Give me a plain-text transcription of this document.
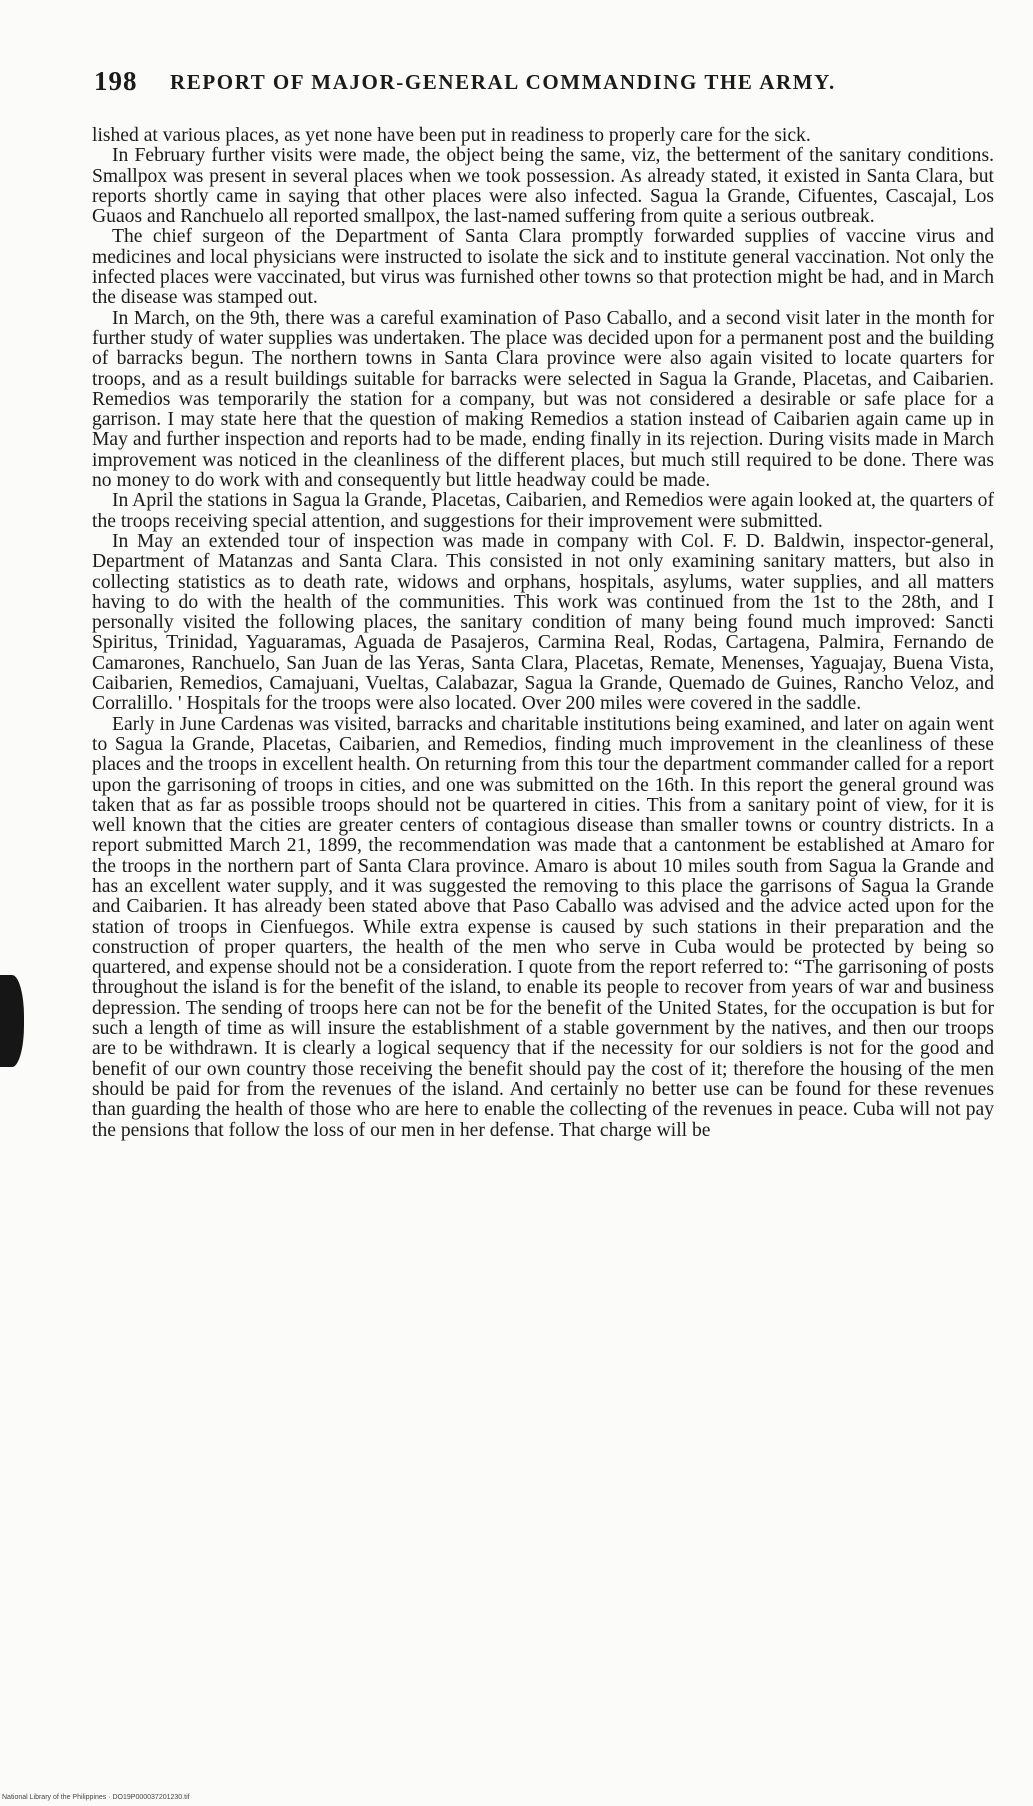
198 REPORT OF MAJOR-GENERAL COMMANDING THE ARMY.

lished at various places, as yet none have been put in readiness to properly care for the sick.

In February further visits were made, the object being the same, viz, the betterment of the sanitary conditions. Smallpox was present in several places when we took possession. As already stated, it existed in Santa Clara, but reports shortly came in saying that other places were also infected. Sagua la Grande, Cifuentes, Cascajal, Los Guaos and Ranchuelo all reported smallpox, the last-named suffering from quite a serious outbreak.

The chief surgeon of the Department of Santa Clara promptly forwarded supplies of vaccine virus and medicines and local physicians were instructed to isolate the sick and to institute general vaccination. Not only the infected places were vaccinated, but virus was furnished other towns so that protection might be had, and in March the disease was stamped out.

In March, on the 9th, there was a careful examination of Paso Caballo, and a second visit later in the month for further study of water supplies was undertaken. The place was decided upon for a permanent post and the building of barracks begun. The northern towns in Santa Clara province were also again visited to locate quarters for troops, and as a result buildings suitable for barracks were selected in Sagua la Grande, Placetas, and Caibarien. Remedios was temporarily the station for a company, but was not considered a desirable or safe place for a garrison. I may state here that the question of making Remedios a station instead of Caibarien again came up in May and further inspection and reports had to be made, ending finally in its rejection. During visits made in March improvement was noticed in the cleanliness of the different places, but much still required to be done. There was no money to do work with and consequently but little headway could be made.

In April the stations in Sagua la Grande, Placetas, Caibarien, and Remedios were again looked at, the quarters of the troops receiving special attention, and suggestions for their improvement were submitted.

In May an extended tour of inspection was made in company with Col. F. D. Baldwin, inspector-general, Department of Matanzas and Santa Clara. This consisted in not only examining sanitary matters, but also in collecting statistics as to death rate, widows and orphans, hospitals, asylums, water supplies, and all matters having to do with the health of the communities. This work was continued from the 1st to the 28th, and I personally visited the following places, the sanitary condition of many being found much improved: Sancti Spiritus, Trinidad, Yaguaramas, Aguada de Pasajeros, Carmina Real, Rodas, Cartagena, Palmira, Fernando de Camarones, Ranchuelo, San Juan de las Yeras, Santa Clara, Placetas, Remate, Menenses, Yaguajay, Buena Vista, Caibarien, Remedios, Camajuani, Vueltas, Calabazar, Sagua la Grande, Quemado de Guines, Rancho Veloz, and Corralillo. ' Hospitals for the troops were also located. Over 200 miles were covered in the saddle.

Early in June Cardenas was visited, barracks and charitable institutions being examined, and later on again went to Sagua la Grande, Placetas, Caibarien, and Remedios, finding much improvement in the cleanliness of these places and the troops in excellent health. On returning from this tour the department commander called for a report upon the garrisoning of troops in cities, and one was submitted on the 16th. In this report the general ground was taken that as far as possible troops should not be quartered in cities. This from a sanitary point of view, for it is well known that the cities are greater centers of contagious disease than smaller towns or country districts. In a report submitted March 21, 1899, the recommendation was made that a cantonment be established at Amaro for the troops in the northern part of Santa Clara province. Amaro is about 10 miles south from Sagua la Grande and has an excellent water supply, and it was suggested the removing to this place the garrisons of Sagua la Grande and Caibarien. It has already been stated above that Paso Caballo was advised and the advice acted upon for the station of troops in Cienfuegos. While extra expense is caused by such stations in their preparation and the construction of proper quarters, the health of the men who serve in Cuba would be protected by being so quartered, and expense should not be a consideration. I quote from the report referred to: “The garrisoning of posts throughout the island is for the benefit of the island, to enable its people to recover from years of war and business depression. The sending of troops here can not be for the benefit of the United States, for the occupation is but for such a length of time as will insure the establishment of a stable government by the natives, and then our troops are to be withdrawn. It is clearly a logical sequency that if the necessity for our soldiers is not for the good and benefit of our own country those receiving the benefit should pay the cost of it; therefore the housing of the men should be paid for from the revenues of the island. And certainly no better use can be found for these revenues than guarding the health of those who are here to enable the collecting of the revenues in peace. Cuba will not pay the pensions that follow the loss of our men in her defense. That charge will be

National Library of the Philippines · DO19P000037201230.tif
